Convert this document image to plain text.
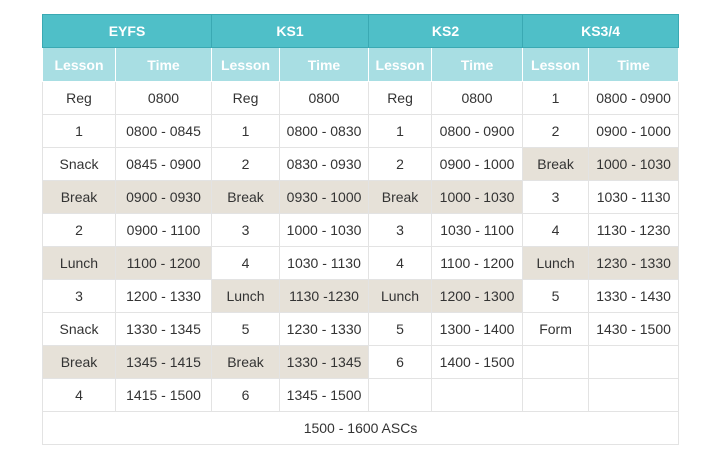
EYFS		KS1		KS2		KS3/4	
Lesson	Time	Lesson	Time	Lesson	Time	Lesson	Time
Reg	0800	Reg	0800	Reg	0800	1	0800 - 0900
1	0800 - 0845	1	0800 - 0830	1	0800 - 0900	2	0900 - 1000
Snack	0845 - 0900	2	0830 - 0930	2	0900 - 1000	Break	1000 - 1030
Break	0900 - 0930	Break	0930 - 1000	Break	1000 - 1030	3	1030 - 1130
2	0900 - 1100	3	1000 - 1030	3	1030 - 1100	4	1130 - 1230
Lunch	1100 - 1200	4	1030 - 1130	4	1100 - 1200	Lunch	1230 - 1330
3	1200 - 1330	Lunch	1130 -1230	Lunch	1200 - 1300	5	1330 - 1430
Snack	1330 - 1345	5	1230 - 1330	5	1300 - 1400	Form	1430 - 1500
Break	1345 - 1415	Break	1330 - 1345	6	1400 - 1500		
4	1415 - 1500	6	1345 - 1500				
1500 - 1600 ASCs							
